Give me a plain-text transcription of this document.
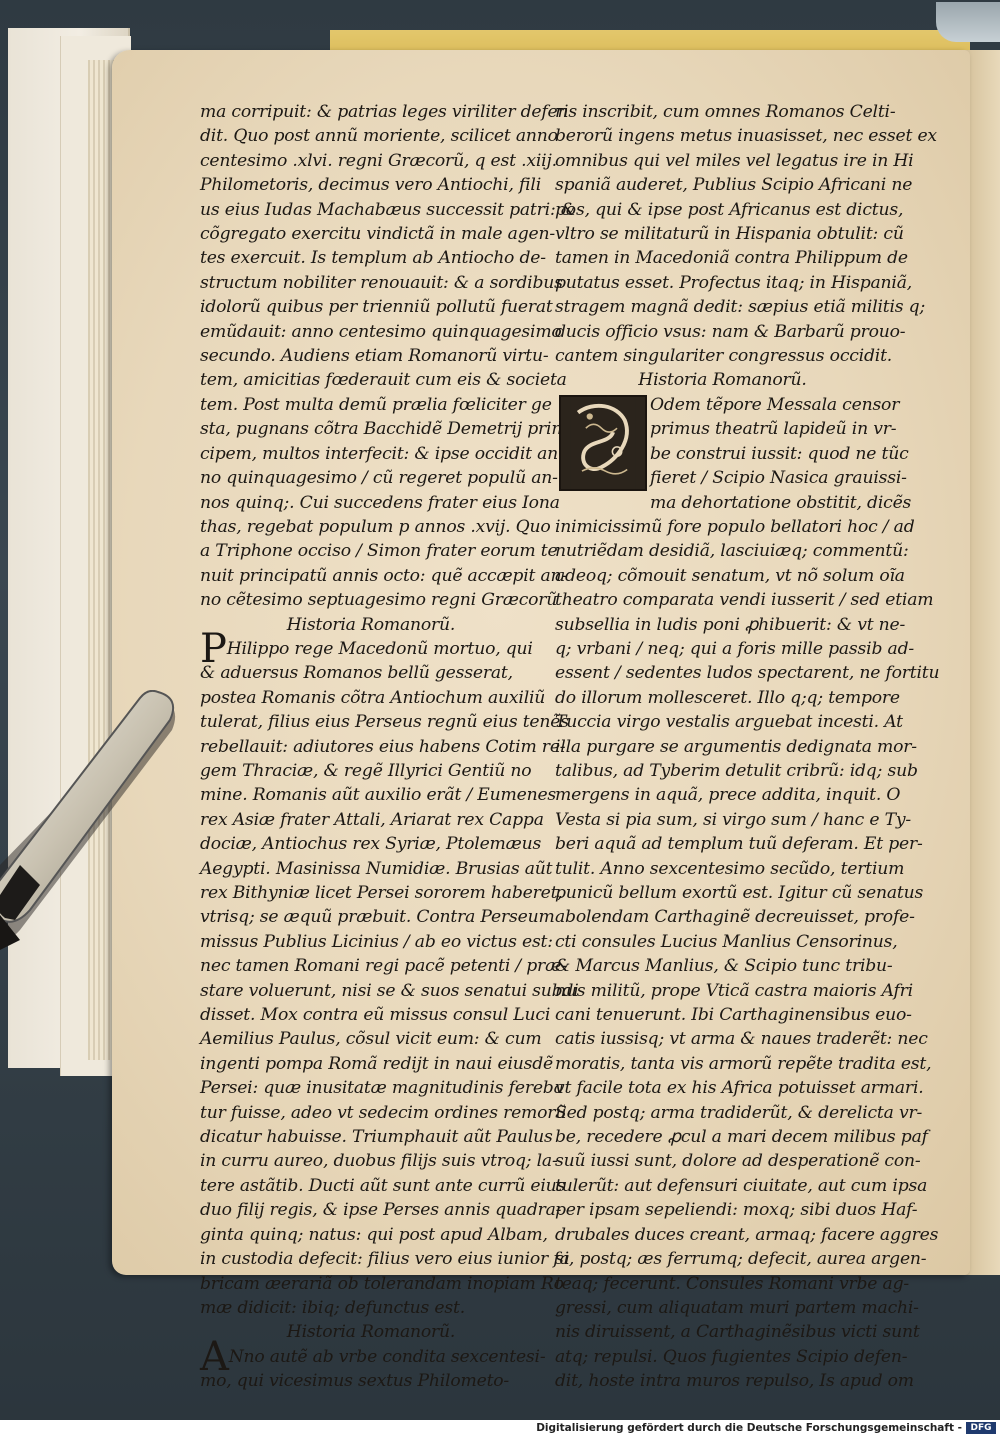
ma corripuit: & patrias leges viriliter defen

dit. Quo post annũ moriente, scilicet anno

centesimo .xlvi. regni Græcorũ, q est .xiij.

Philometoris, decimus vero Antiochi, fili

us eius Iudas Machabæus successit patri: &

cõgregato exercitu vindictã in male agen-

tes exercuit. Is templum ab Antiocho de-

structum nobiliter renouauit: & a sordibus

idolorũ quibus per trienniũ pollutũ fuerat

emũdauit: anno centesimo quinquagesimo

secundo. Audiens etiam Romanorũ virtu-

tem, amicitias fœderauit cum eis & societa

tem. Post multa demũ prælia fœliciter ge

sta, pugnans cõtra Bacchidẽ Demetrij prin

cipem, multos interfecit: & ipse occidit an

no quinquagesimo / cũ regeret populũ an-

nos quinq;. Cui succedens frater eius Iona

thas, regebat populum p annos .xvij. Quo

a Triphone occiso / Simon frater eorum te

nuit principatũ annis octo: quẽ accæpit an-

no cẽtesimo septuagesimo regni Græcorũ

Historia Romanorũ.

PHilippo rege Macedonũ mortuo, qui

& aduersus Romanos bellũ gesserat,

postea Romanis cõtra Antiochum auxiliũ

tulerat, filius eius Perseus regnũ eius tenẽs

rebellauit: adiutores eius habens Cotim re-

gem Thraciæ, & regẽ Illyrici Gentiũ no

mine. Romanis aũt auxilio erãt / Eumenes

rex Asiæ frater Attali, Ariarat rex Cappa

dociæ, Antiochus rex Syriæ, Ptolemæus

Aegypti. Masinissa Numidiæ. Brusias aũt

rex Bithyniæ licet Persei sororem haberet,

vtrisq; se æquũ præbuit. Contra Perseum

missus Publius Licinius / ab eo victus est:

nec tamen Romani regi pacẽ petenti / præ-

stare voluerunt, nisi se & suos senatui subdi

disset. Mox contra eũ missus consul Luci

Aemilius Paulus, cõsul vicit eum: & cum

ingenti pompa Romã redijt in naui eiusdẽ

Persei: quæ inusitatæ magnitudinis fereba

tur fuisse, adeo vt sedecim ordines remorũ

dicatur habuisse. Triumphauit aũt Paulus

in curru aureo, duobus filijs suis vtroq; la-

tere astãtib. Ducti aũt sunt ante currũ eius

duo filij regis, & ipse Perses annis quadra-

ginta quinq; natus: qui post apud Albam,

in custodia defecit: filius vero eius iunior fa

bricam æerariã ob tolerandam inopiam Ro

mæ didicit: ibiq; defunctus est.

Historia Romanorũ.

ANno autẽ ab vrbe condita sexcentesi-

mo, qui vicesimus sextus Philometo-

ris inscribit, cum omnes Romanos Celti-

berorũ ingens metus inuasisset, nec esset ex

omnibus qui vel miles vel legatus ire in Hi

spaniã auderet, Publius Scipio Africani ne

pos, qui & ipse post Africanus est dictus,

vltro se militaturũ in Hispania obtulit: cũ

tamen in Macedoniã contra Philippum de

putatus esset. Profectus itaq; in Hispaniã,

stragem magnã dedit: sæpius etiã militis q;

ducis officio vsus: nam & Barbarũ prouo-

cantem singulariter congressus occidit.

Historia Romanorũ.

Odem tẽpore Messala censor

primus theatrũ lapideũ in vr-

be construi iussit: quod ne tũc

fieret / Scipio Nasica grauissi-

ma dehortatione obstitit, dicẽs

inimicissimũ fore populo bellatori hoc / ad

nutriẽdam desidiã, lasciuiæq; commentũ:

adeoq; cõmouit senatum, vt nõ solum oĩa

theatro comparata vendi iusserit / sed etiam

subsellia in ludis poni ꝓhibuerit: & vt ne-

q; vrbani / neq; qui a foris mille passib ad-

essent / sedentes ludos spectarent, ne fortitu

do illorum mollesceret. Illo q;q; tempore

Tuccia virgo vestalis arguebat incesti. At

illa purgare se argumentis dedignata mor-

talibus, ad Tyberim detulit cribrũ: idq; sub

mergens in aquã, prece addita, inquit. O

Vesta si pia sum, si virgo sum / hanc e Ty-

beri aquã ad templum tuũ deferam. Et per-

tulit. Anno sexcentesimo secũdo, tertium

punicũ bellum exortũ est. Igitur cũ senatus

abolendam Carthaginẽ decreuisset, profe-

cti consules Lucius Manlius Censorinus,

& Marcus Manlius, & Scipio tunc tribu-

nus militũ, prope Vticã castra maioris Afri

cani tenuerunt. Ibi Carthaginensibus euo-

catis iussisq; vt arma & naues traderẽt: nec

moratis, tanta vis armorũ repẽte tradita est,

vt facile tota ex his Africa potuisset armari.

Sed postq; arma tradiderũt, & derelicta vr-

be, recedere ꝓcul a mari decem milibus paf

suũ iussi sunt, dolore ad desperationẽ con-

tulerũt: aut defensuri ciuitate, aut cum ipsa

per ipsam sepeliendi: moxq; sibi duos Haf-

drubales duces creant, armaq; facere aggres

si, postq; æs ferrumq; defecit, aurea argen-

teaq; fecerunt. Consules Romani vrbe ag-

gressi, cum aliquatam muri partem machi-

nis diruissent, a Carthaginẽsibus victi sunt

atq; repulsi. Quos fugientes Scipio defen-

dit, hoste intra muros repulso, Is apud om

Digitalisierung gefördert durch die Deutsche Forschungsgemeinschaft - DFG
